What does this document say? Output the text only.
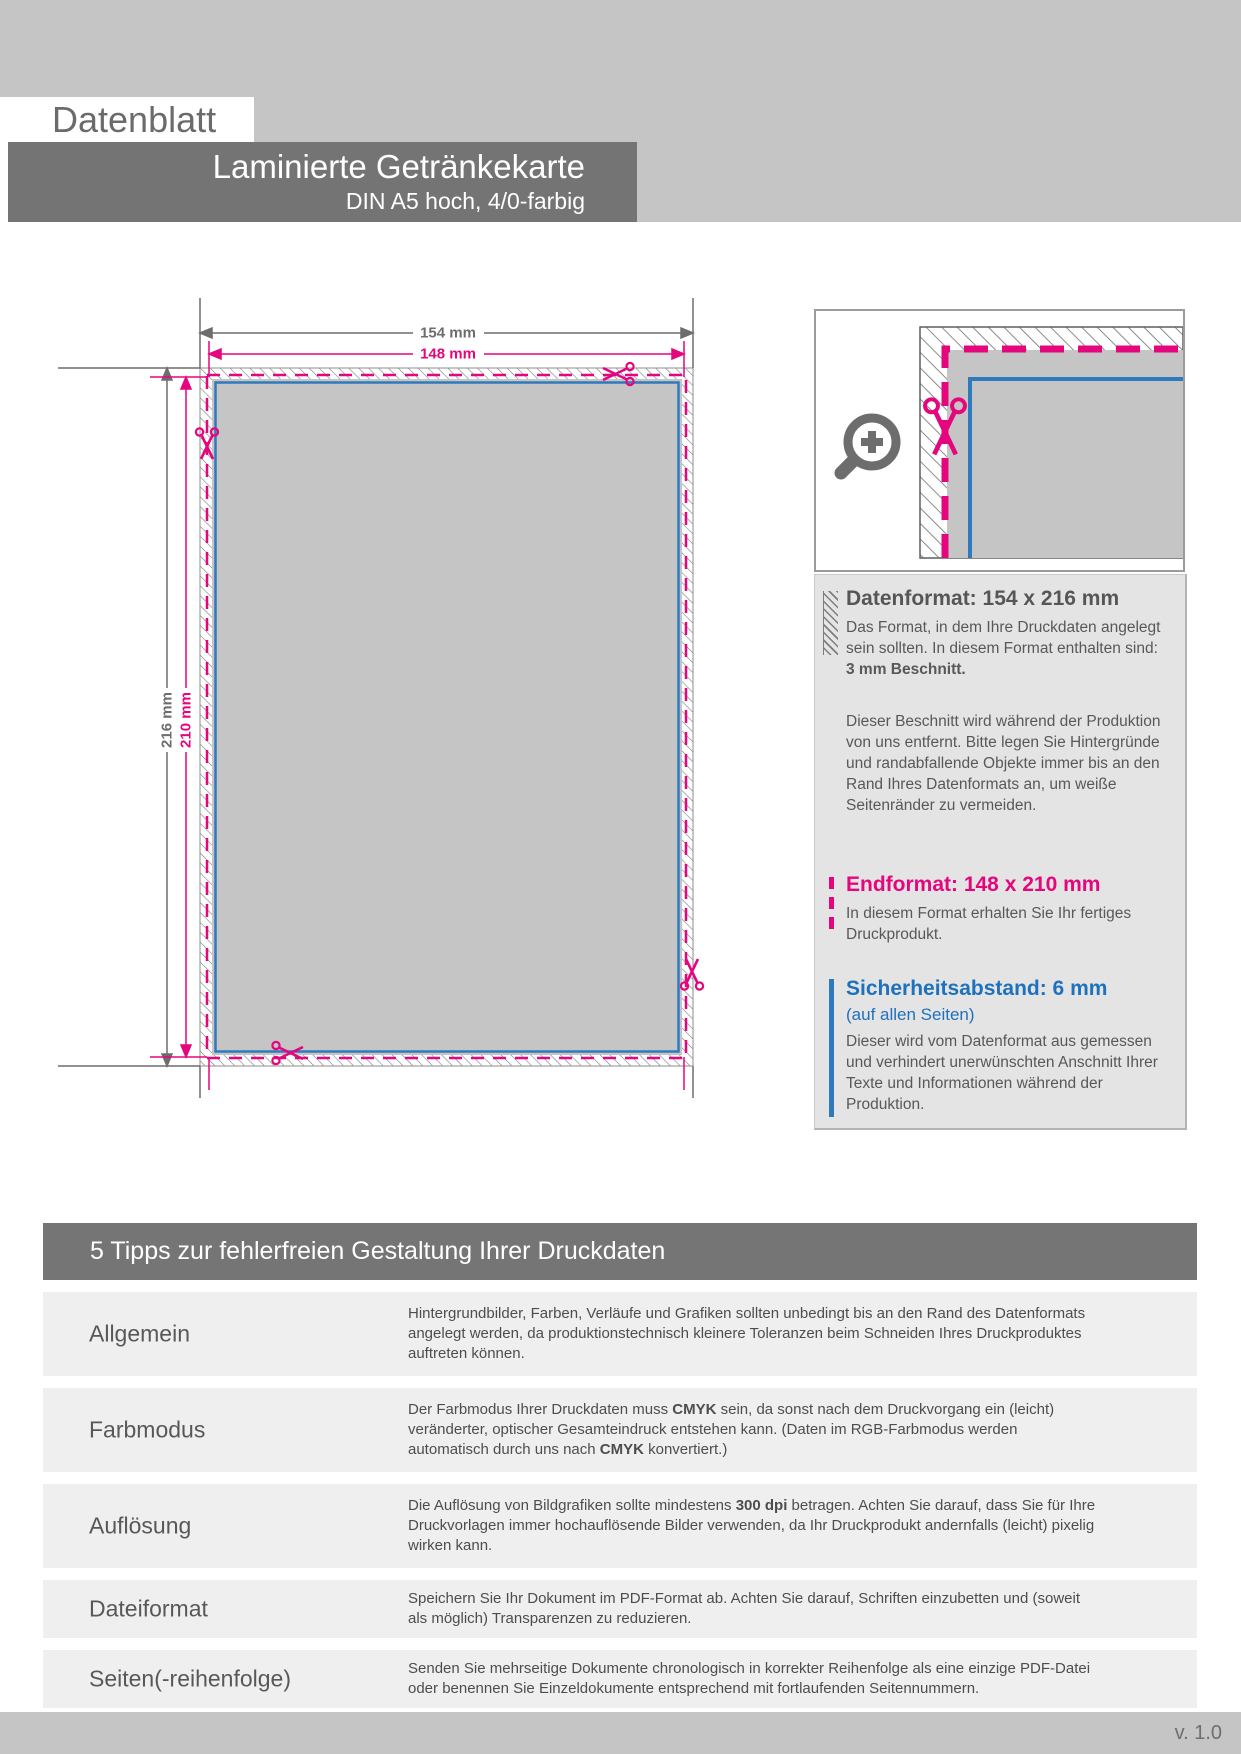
Datenblatt
Laminierte Getränkekarte
DIN A5 hoch, 4/0-farbig
154 mm
148 mm
216 mm 210 mm
Datenformat: 154 x 216 mm
Das Format, in dem Ihre Druckdaten angelegt sein sollten. In diesem Format enthalten sind: 3 mm Beschnitt.
Dieser Beschnitt wird während der Produktion von uns entfernt. Bitte legen Sie Hintergründe und randabfallende Objekte immer bis an den Rand Ihres Datenformats an, um weiße Seitenränder zu vermeiden.
Endformat: 148 x 210 mm
In diesem Format erhalten Sie Ihr fertiges Druckprodukt.
Sicherheitsabstand: 6 mm
(auf allen Seiten)
Dieser wird vom Datenformat aus gemessen und verhindert unerwünschten Anschnitt Ihrer Texte und Informationen während der Produktion.
5 Tipps zur fehlerfreien Gestaltung Ihrer Druckdaten
Allgemein
Hintergrundbilder, Farben, Verläufe und Grafiken sollten unbedingt bis an den Rand des Datenformats angelegt werden, da produktionstechnisch kleinere Toleranzen beim Schneiden Ihres Druckproduktes auftreten können.
Farbmodus
Der Farbmodus Ihrer Druckdaten muss CMYK sein, da sonst nach dem Druckvorgang ein (leicht) veränderter, optischer Gesamteindruck entstehen kann. (Daten im RGB-Farbmodus werden automatisch durch uns nach CMYK konvertiert.)
Auflösung
Die Auflösung von Bildgrafiken sollte mindestens 300 dpi betragen. Achten Sie darauf, dass Sie für Ihre Druckvorlagen immer hochauflösende Bilder verwenden, da Ihr Druckprodukt andernfalls (leicht) pixelig wirken kann.
Dateiformat	Speichern Sie Ihr Dokument im PDF-Format ab. Achten Sie darauf, Schriften einzubetten und (soweit als möglich) Transparenzen zu reduzieren.
Seiten(-reihenfolge)	Senden Sie mehrseitige Dokumente chronologisch in korrekter Reihenfolge als eine einzige PDF-Datei oder benennen Sie Einzeldokumente entsprechend mit fortlaufenden Seitennummern.
v. 1.0
